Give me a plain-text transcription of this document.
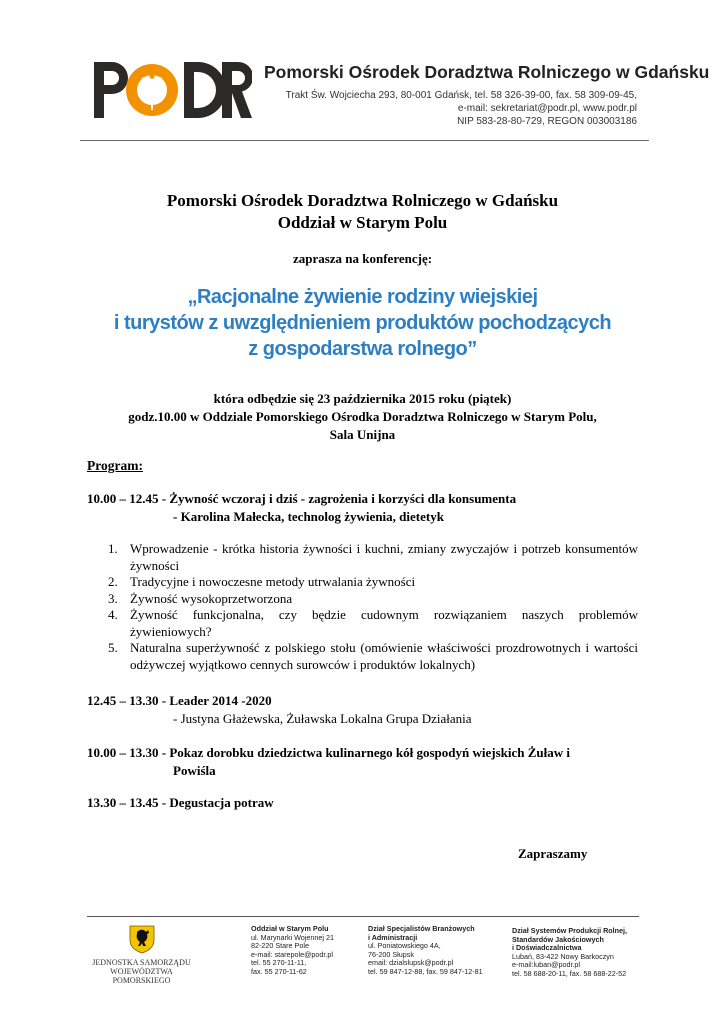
Pomorski Ośrodek Doradztwa Rolniczego w Gdańsku
Trakt Św. Wojciecha 293, 80-001 Gdańsk, tel. 58 326-39-00, fax. 58 309-09-45,
e-mail: sekretariat@podr.pl, www.podr.pl
NIP 583-28-80-729, REGON 003003186
Pomorski Ośrodek Doradztwa Rolniczego w Gdańsku
Oddział w Starym Polu
zaprasza na konferencję:
„Racjonalne żywienie rodziny wiejskiej
i turystów z uwzględnieniem produktów pochodzących
z gospodarstwa rolnego”
która odbędzie się 23 października 2015 roku (piątek)
godz.10.00 w Oddziale Pomorskiego Ośrodka Doradztwa Rolniczego w Starym Polu,
Sala Unijna
Program:
10.00 – 12.45 - Żywność wczoraj i dziś - zagrożenia i korzyści dla konsumenta
- Karolina Małecka, technolog żywienia, dietetyk
1. Wprowadzenie - krótka historia żywności i kuchni, zmiany zwyczajów i potrzeb konsumentów żywności
2. Tradycyjne i nowoczesne metody utrwalania żywności
3. Żywność wysokoprzetworzona
4. Żywność funkcjonalna, czy będzie cudownym rozwiązaniem naszych problemów żywieniowych?
5. Naturalna superżywność z polskiego stołu (omówienie właściwości prozdrowotnych i wartości odżywczej wyjątkowo cennych surowców i produktów lokalnych)
12.45 – 13.30 - Leader 2014 -2020
- Justyna Głażewska, Żuławska Lokalna Grupa Działania
10.00 – 13.30 - Pokaz dorobku dziedzictwa kulinarnego kół gospodyń wiejskich Żuław i
Powiśla
13.30 – 13.45 - Degustacja potraw
Zapraszamy
JEDNOSTKA SAMORZĄDU
WOJEWÓDZTWA POMORSKIEGO
Oddział w Starym Polu
ul. Marynarki Wojennej 21
82-220 Stare Pole
e-mail: starepole@podr.pl
tel. 55 270-11-11,
fax. 55 270-11-62
Dział Specjalistów Branżowych
i Administracji
ul. Poniatowskiego 4A,
76-200 Słupsk
email: dzialslupsk@podr.pl
tel. 59 847-12-88, fax. 59 847-12-81
Dział Systemów Produkcji Rolnej,
Standardów Jakościowych
i Doświadczalnictwa
Lubań, 83-422 Nowy Barkoczyn
e-mail:luban@podr.pl
tel. 58 688-20-11, fax. 58 688-22-52
